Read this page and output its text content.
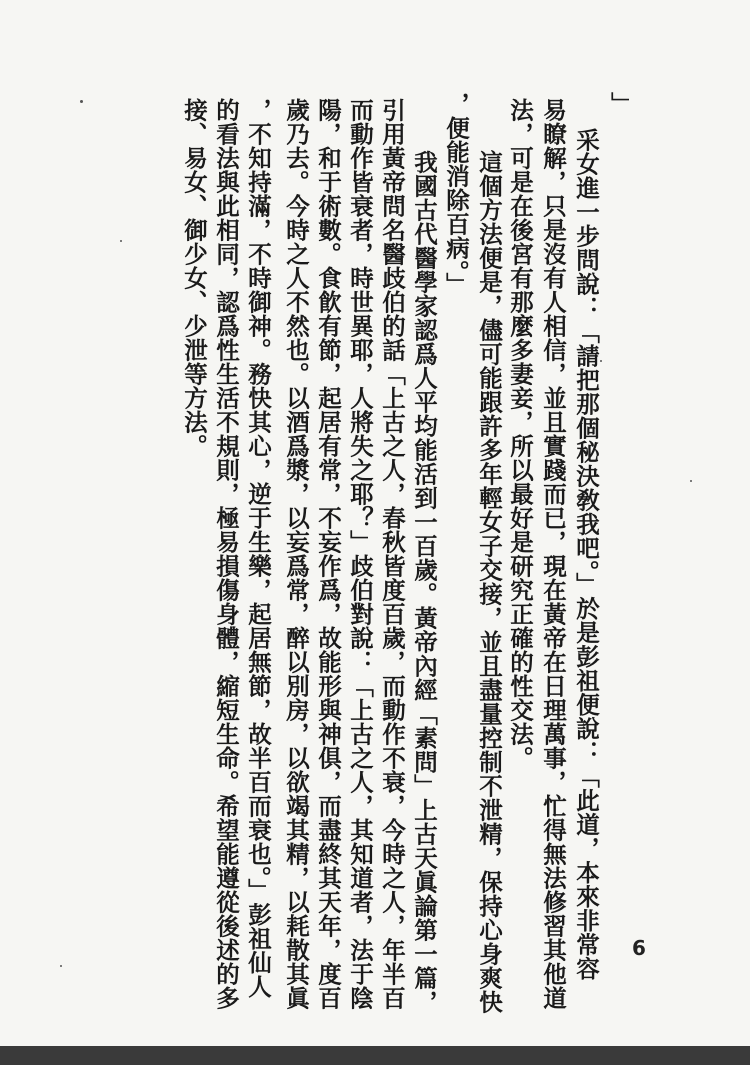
」
采女進一步問說：「請把那個秘決敎我吧。」於是彭祖便說：「此道，本來非常容
易瞭解，只是沒有人相信，並且實踐而已，現在黃帝在日理萬事，忙得無法修習其他道
法，可是在後宮有那麼多妻妾，所以最好是研究正確的性交法。
這個方法便是，儘可能跟許多年輕女子交接，並且盡量控制不泄精，保持心身爽快
，便能消除百病。」
我國古代醫學家認爲人平均能活到一百歲。黃帝內經「素問」上古天眞論第一篇，
引用黃帝問名醫歧伯的話「上古之人，春秋皆度百歲，而動作不衰，今時之人，年半百
而動作皆衰者，時世異耶，人將失之耶？」歧伯對說：「上古之人，其知道者，法于陰
陽，和于術數。食飮有節，起居有常，不妄作爲，故能形與神俱，而盡終其天年，度百
歲乃去。今時之人不然也。以酒爲漿，以妄爲常，醉以別房，以欲竭其精，以耗散其眞
，不知持滿，不時御神。務快其心，逆于生樂，起居無節，故半百而衰也。」彭祖仙人
的看法與此相同，認爲性生活不規則，極易損傷身體，縮短生命。希望能遵從後述的多
接、易女、御少女、少泄等方法。
6
